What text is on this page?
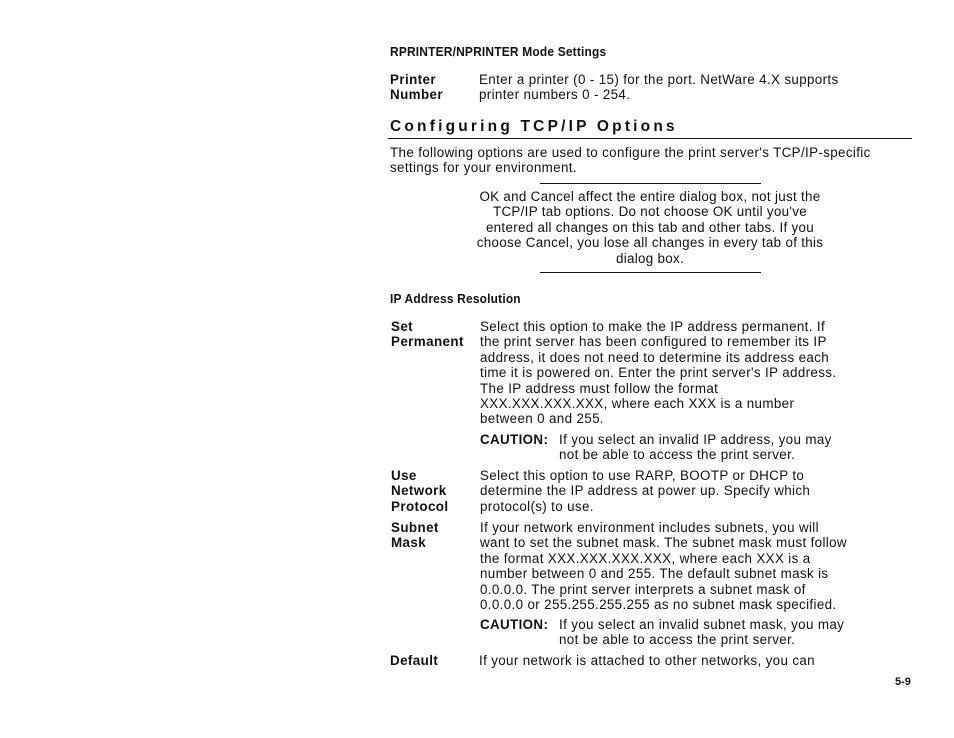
RPRINTER/NPRINTER Mode Settings
Printer
Number
Enter a printer (0 - 15) for the port. NetWare 4.X supports
printer numbers 0 - 254.
Configuring TCP/IP Options
The following options are used to configure the print server's TCP/IP-specific
settings for your environment.
OK and Cancel affect the entire dialog box, not just the
TCP/IP tab options. Do not choose OK until you've
entered all changes on this tab and other tabs. If you
choose Cancel, you lose all changes in every tab of this
dialog box.
IP Address Resolution
Set
Permanent
Select this option to make the IP address permanent. If
the print server has been configured to remember its IP
address, it does not need to determine its address each
time it is powered on. Enter the print server's IP address.
The IP address must follow the format
XXX.XXX.XXX.XXX, where each XXX is a number
between 0 and 255.
CAUTION: If you select an invalid IP address, you may
not be able to access the print server.
Use
Network
Protocol
Select this option to use RARP, BOOTP or DHCP to
determine the IP address at power up. Specify which
protocol(s) to use.
Subnet
Mask
If your network environment includes subnets, you will
want to set the subnet mask. The subnet mask must follow
the format XXX.XXX.XXX.XXX, where each XXX is a
number between 0 and 255. The default subnet mask is
0.0.0.0. The print server interprets a subnet mask of
0.0.0.0 or 255.255.255.255 as no subnet mask specified.
CAUTION: If you select an invalid subnet mask, you may
not be able to access the print server.
Default	If your network is attached to other networks, you can
5-9
